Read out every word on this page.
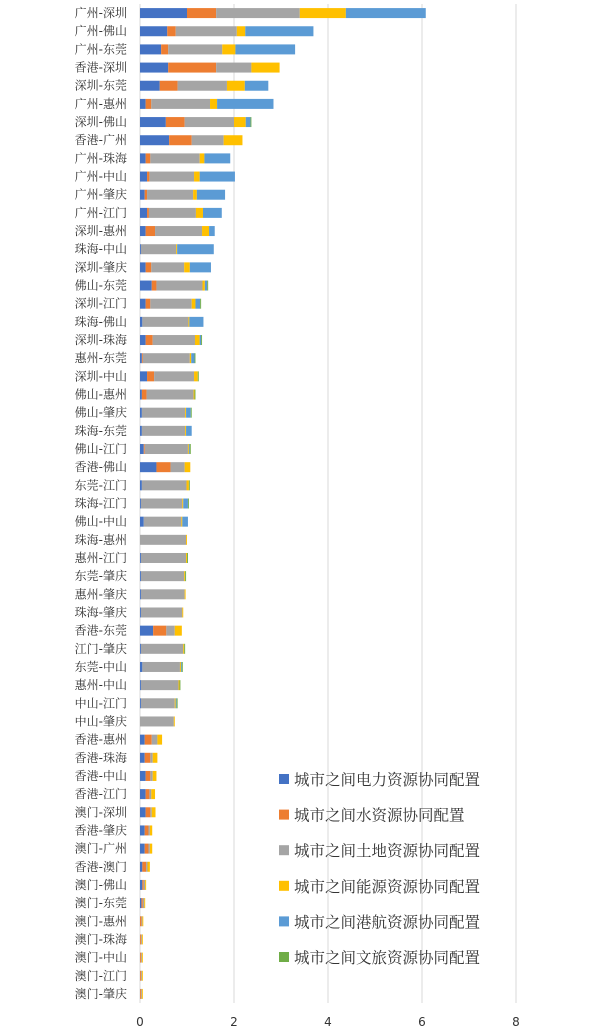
广州-深圳
广州-佛山
广州-东莞
香港-深圳
深圳-东莞
广州-惠州
深圳-佛山
香港-广州
广州-珠海
广州-中山
广州-肇庆
广州-江门
深圳-惠州
珠海-中山
深圳-肇庆
佛山-东莞
深圳-江门
珠海-佛山
深圳-珠海
惠州-东莞
深圳-中山
佛山-惠州
佛山-肇庆
珠海-东莞
佛山-江门
香港-佛山
东莞-江门
珠海-江门
佛山-中山
珠海-惠州
惠州-江门
东莞-肇庆
惠州-肇庆
珠海-肇庆
香港-东莞
江门-肇庆
东莞-中山
惠州-中山
中山-江门
中山-肇庆
香港-惠州
香港-珠海
香港-中山
香港-江门
澳门-深圳
香港-肇庆
澳门-广州
香港-澳门
澳门-佛山
澳门-东莞
澳门-惠州
澳门-珠海
澳门-中山
澳门-江门
澳门-肇庆
0	2	4	6	8
城市之间电力资源协同配置
城市之间水资源协同配置
城市之间土地资源协同配置
城市之间能源资源协同配置
城市之间港航资源协同配置
城市之间文旅资源协同配置
